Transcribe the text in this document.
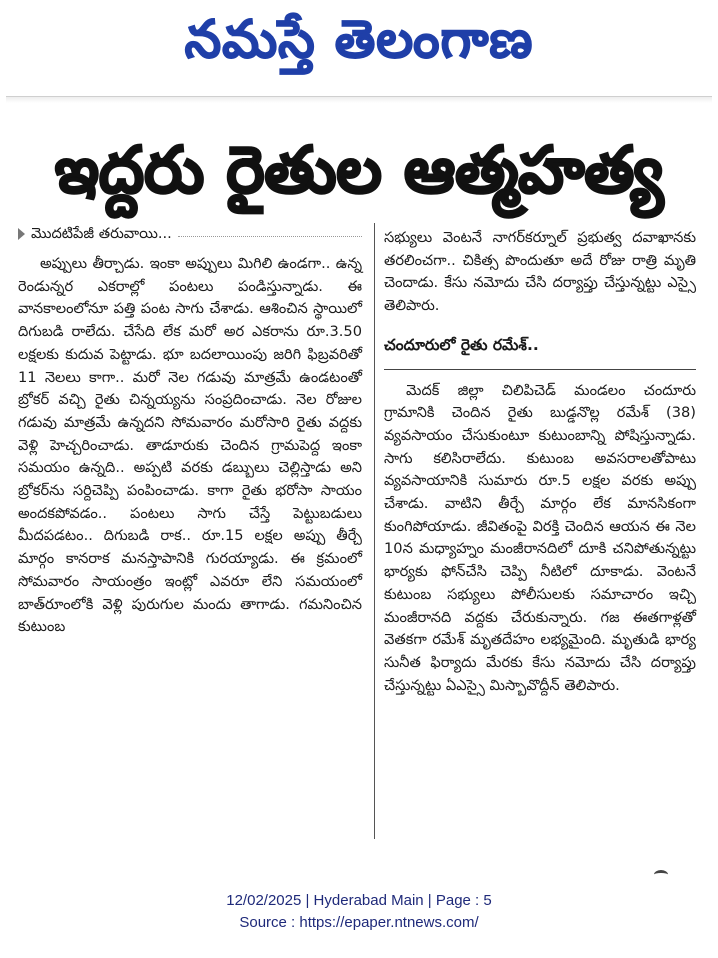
నమస్తే తెలంగాణ
ఇద్దరు రైతుల ఆత్మహత్య
మొదటిపేజీ తరువాయి...

అప్పులు తీర్చాడు. ఇంకా అప్పులు మిగిలి ఉండగా.. ఉన్న రెండున్నర ఎకరాల్లో పంటలు పండిస్తున్నాడు. ఈ వానకాలంలోనూ పత్తి పంట సాగు చేశాడు. ఆశించిన స్థాయిలో దిగుబడి రాలేదు. చేసేది లేక మరో అర ఎకరాను రూ.3.50 లక్షలకు కుదువ పెట్టాడు. భూ బదలాయింపు జరిగి ఫిబ్రవరితో 11 నెలలు కాగా.. మరో నెల గడువు మాత్రమే ఉండటంతో బ్రోకర్ వచ్చి రైతు చిన్నయ్యను సంప్రదించాడు. నెల రోజుల గడువు మాత్రమే ఉన్నదని సోమవారం మరోసారి రైతు వద్దకు వెళ్లి హెచ్చరించాడు. తాడూరుకు చెందిన గ్రామపెద్ద ఇంకా సమయం ఉన్నది.. అప్పటి వరకు డబ్బులు చెల్లిస్తాడు అని బ్రోకర్‌ను సర్దిచెప్పి పంపించాడు. కాగా రైతు భరోసా సాయం అందకపోవడం.. పంటలు సాగు చేస్తే పెట్టుబడులు మీదపడటం.. దిగుబడి రాక.. రూ.15 లక్షల అప్పు తీర్చే మార్గం కానరాక మనస్తాపానికి గురయ్యాడు. ఈ క్రమంలో సోమవారం సాయంత్రం ఇంట్లో ఎవరూ లేని సమయంలో బాత్‌రూంలోకి వెళ్లి పురుగుల మందు తాగాడు. గమనించిన కుటుంబ

సభ్యులు వెంటనే నాగర్‌కర్నూల్ ప్రభుత్వ దవాఖానకు తరలించగా.. చికిత్స పొందుతూ అదే రోజు రాత్రి మృతి చెందాడు. కేసు నమోదు చేసి దర్యాప్తు చేస్తున్నట్టు ఎస్సై తెలిపారు.

చందూరులో రైతు రమేశ్..

మెదక్ జిల్లా చిలిపిచెడ్ మండలం చందూరు గ్రామానికి చెందిన రైతు బుడ్డనొల్ల రమేశ్ (38) వ్యవసాయం చేసుకుంటూ కుటుంబాన్ని పోషిస్తున్నాడు. సాగు కలిసిరాలేదు. కుటుంబ అవసరాలతోపాటు వ్యవసాయానికి సుమారు రూ.5 లక్షల వరకు అప్పు చేశాడు. వాటిని తీర్చే మార్గం లేక మానసికంగా కుంగిపోయాడు. జీవితంపై విరక్తి చెందిన ఆయన ఈ నెల 10న మధ్యాహ్నం మంజీరానదిలో దూకి చనిపోతున్నట్టు భార్యకు ఫోన్‌చేసి చెప్పి నీటిలో దూకాడు. వెంటనే కుటుంబ సభ్యులు పోలీసులకు సమాచారం ఇచ్చి మంజీరానది వద్దకు చేరుకున్నారు. గజ ఈతగాళ్లతో వెతకగా రమేశ్ మృతదేహం లభ్యమైంది. మృతుడి భార్య సునీత ఫిర్యాదు మేరకు కేసు నమోదు చేసి దర్యాప్తు చేస్తున్నట్టు ఏఎస్సై మిస్బావొద్దీన్ తెలిపారు.

12/02/2025 | Hyderabad Main | Page : 5
Source : https://epaper.ntnews.com/
